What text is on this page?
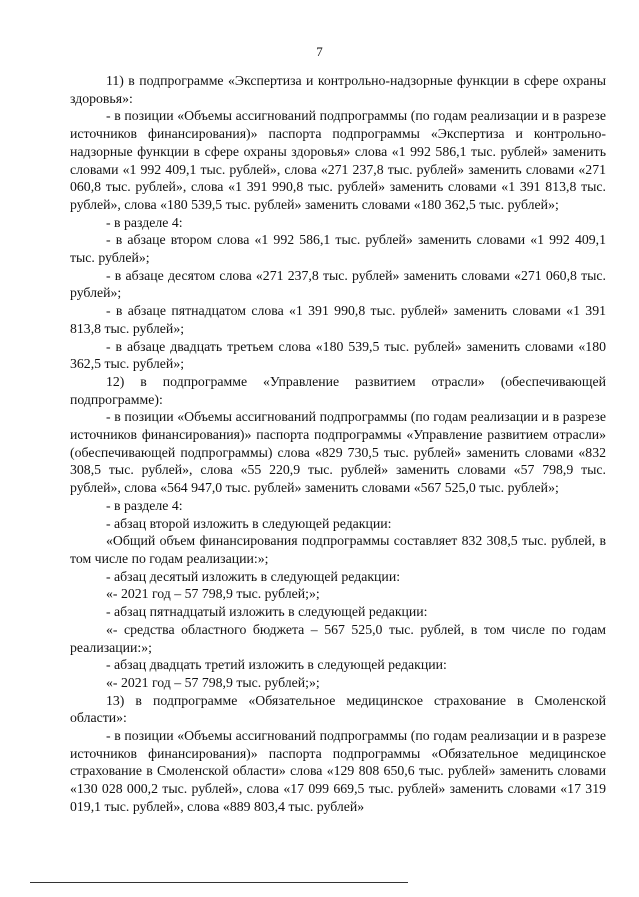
7

11) в подпрограмме «Экспертиза и контрольно-надзорные функции в сфере охраны здоровья»:

- в позиции «Объемы ассигнований подпрограммы (по годам реализации и в разрезе источников финансирования)» паспорта подпрограммы «Экспертиза и контрольно-надзорные функции в сфере охраны здоровья» слова «1 992 586,1 тыс. рублей» заменить словами «1 992 409,1 тыс. рублей», слова «271 237,8 тыс. рублей» заменить словами «271 060,8 тыс. рублей», слова «1 391 990,8 тыс. рублей» заменить словами «1 391 813,8 тыс. рублей», слова «180 539,5 тыс. рублей» заменить словами «180 362,5 тыс. рублей»;

- в разделе 4:

- в абзаце втором слова «1 992 586,1 тыс. рублей» заменить словами «1 992 409,1 тыс. рублей»;

- в абзаце десятом слова «271 237,8 тыс. рублей» заменить словами «271 060,8 тыс. рублей»;

- в абзаце пятнадцатом слова «1 391 990,8 тыс. рублей» заменить словами «1 391 813,8 тыс. рублей»;

- в абзаце двадцать третьем слова «180 539,5 тыс. рублей» заменить словами «180 362,5 тыс. рублей»;

12) в подпрограмме «Управление развитием отрасли» (обеспечивающей подпрограмме):

- в позиции «Объемы ассигнований подпрограммы (по годам реализации и в разрезе источников финансирования)» паспорта подпрограммы «Управление развитием отрасли» (обеспечивающей подпрограммы) слова «829 730,5 тыс. рублей» заменить словами «832 308,5 тыс. рублей», слова «55 220,9 тыс. рублей» заменить словами «57 798,9 тыс. рублей», слова «564 947,0 тыс. рублей» заменить словами «567 525,0 тыс. рублей»;

- в разделе 4:

- абзац второй изложить в следующей редакции:

«Общий объем финансирования подпрограммы составляет 832 308,5 тыс. рублей, в том числе по годам реализации:»;

- абзац десятый изложить в следующей редакции:

«- 2021 год – 57 798,9 тыс. рублей;»;

- абзац пятнадцатый изложить в следующей редакции:

«- средства областного бюджета – 567 525,0 тыс. рублей, в том числе по годам реализации:»;

- абзац двадцать третий изложить в следующей редакции:

«- 2021 год – 57 798,9 тыс. рублей;»;

13) в подпрограмме «Обязательное медицинское страхование в Смоленской области»:

- в позиции «Объемы ассигнований подпрограммы (по годам реализации и в разрезе источников финансирования)» паспорта подпрограммы «Обязательное медицинское страхование в Смоленской области» слова «129 808 650,6 тыс. рублей» заменить словами «130 028 000,2 тыс. рублей», слова «17 099 669,5 тыс. рублей» заменить словами «17 319 019,1 тыс. рублей», слова «889 803,4 тыс. рублей»
